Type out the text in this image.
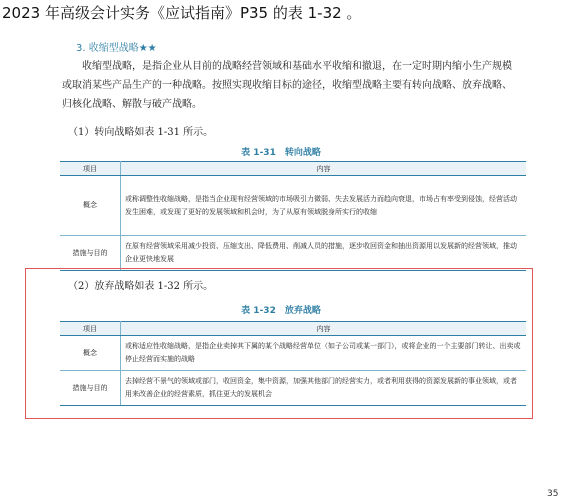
2023 年高级会计实务《应试指南》P35 的表 1-32 。
3. 收缩型战略★★
收缩型战略，是指企业从目前的战略经营领域和基础水平收缩和撤退，在一定时期内缩小生产规模或取消某些产品生产的一种战略。按照实现收缩目标的途径，收缩型战略主要有转向战略、放弃战略、归核化战略、解散与破产战略。
（1）转向战略如表 1-31 所示。
表 1-31　转向战略
项目	内容
概念	或称调整性收缩战略，是指当企业现有经营领域的市场吸引力微弱、失去发展活力而趋向衰退，市场占有率受到侵蚀，经营活动发生困难，或发现了更好的发展领域和机会时，为了从原有领域脱身所实行的收缩
措施与目的	在原有经营领域采用减少投资、压缩支出、降低费用、削减人员的措施，逐步收回资金和抽出资源用以发展新的经营领域，推动企业更快地发展
（2）放弃战略如表 1-32 所示。
表 1-32　放弃战略
项目	内容
概念	或称适应性收缩战略，是指企业卖掉其下属的某个战略经营单位（如子公司或某一部门），或将企业的一个主要部门转让、出卖或停止经营而实施的战略
措施与目的	去掉经营不景气的领域或部门，收回资金，集中资源，加强其他部门的经营实力，或者利用获得的资源发展新的事业领域，或者用来改善企业的经营素质，抓住更大的发展机会
35
